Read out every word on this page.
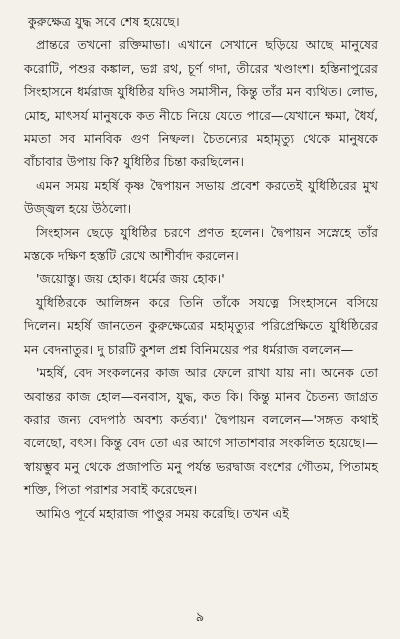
কুরুক্ষেত্র যুদ্ধ সবে শেষ হয়েছে।

প্রান্তরে তখনো রক্তিমাভা। এখানে সেখানে ছড়িয়ে আছে মানুষের করোটি, পশুর কঙ্কাল, ভগ্ন রথ, চূর্ণ গদা, তীরের খণ্ডাংশ। হস্তিনাপুরের সিংহাসনে ধর্মরাজ যুধিষ্ঠির যদিও সমাসীন, কিন্তু তাঁর মন ব্যথিত। লোভ, মোহ, মাৎসর্য মানুষকে কত নীচে নিয়ে যেতে পারে—যেখানে ক্ষমা, ধৈর্য, মমতা সব মানবিক গুণ নিষ্ফল। চৈতন্যের মহামৃত্যু থেকে মানুষকে বাঁচাবার উপায় কি? যুধিষ্ঠির চিন্তা করছিলেন।

এমন সময় মহর্ষি কৃষ্ণ দ্বৈপায়ন সভায় প্রবেশ করতেই যুধিষ্ঠিরের মুখ উজ্জ্বল হয়ে উঠলো।

সিংহাসন ছেড়ে যুধিষ্ঠির চরণে প্রণত হলেন। দ্বৈপায়ন সস্নেহে তাঁর মস্তকে দক্ষিণ হস্তটি রেখে আশীর্বাদ করলেন।

'জয়োস্তু। জয় হোক। ধর্মের জয় হোক।'

যুধিষ্ঠিরকে আলিঙ্গন করে তিনি তাঁকে সযত্নে সিংহাসনে বসিয়ে দিলেন। মহর্ষি জানতেন কুরুক্ষেত্রের মহামৃত্যুর পরিপ্রেক্ষিতে যুধিষ্ঠিরের মন বেদনাতুর। দু চারটি কুশল প্রশ্ন বিনিময়ের পর ধর্মরাজ বললেন—

'মহর্ষি, বেদ সংকলনের কাজ আর ফেলে রাখা যায় না। অনেক তো অবান্তর কাজ হোল—বনবাস, যুদ্ধ, কত কি। কিন্তু মানব চৈতন্য জাগ্রত করার জন্য বেদপাঠ অবশ্য কর্তব্য।' দ্বৈপায়ন বললেন—'সঙ্গত কথাই বলেছো, বৎস। কিন্তু বেদ তো এর আগে সাতাশবার সংকলিত হয়েছে।—স্বায়ম্ভুব মনু থেকে প্রজাপতি মনু পর্যন্ত ভরদ্বাজ বংশের গৌতম, পিতামহ শক্তি, পিতা পরাশর সবাই করেছেন।

আমিও পূর্বে মহারাজ পাণ্ডুর সময় করেছি। তখন এই

৯
